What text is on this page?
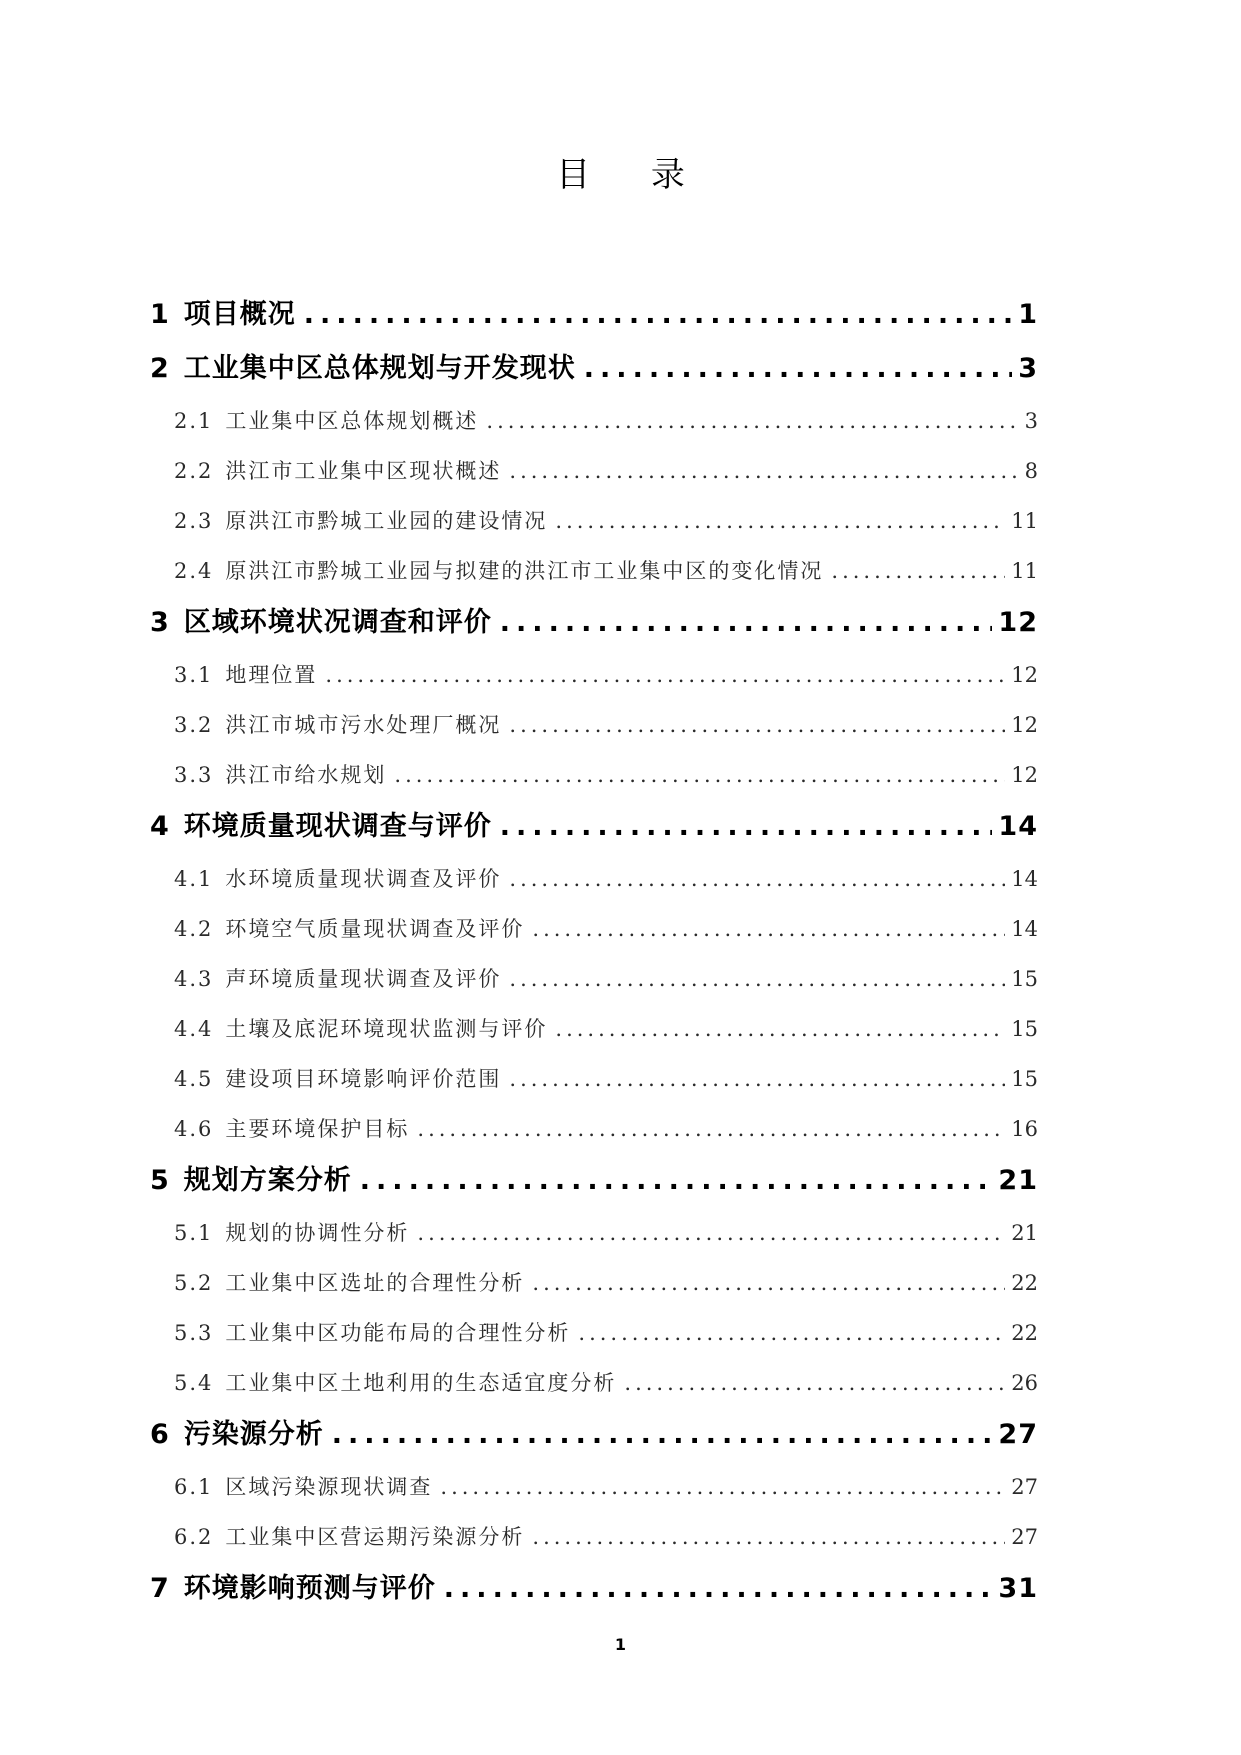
目 录
1 项目概况 .....	1
2 工业集中区总体规划与开发现状 .....	3
2.1 工业集中区总体规划概述 .....	3
2.2 洪江市工业集中区现状概述 .....	8
2.3 原洪江市黔城工业园的建设情况 .....	11
2.4 原洪江市黔城工业园与拟建的洪江市工业集中区的变化情况 .....	11
3 区域环境状况调查和评价 .....	12
3.1 地理位置 .....	12
3.2 洪江市城市污水处理厂概况 .....	12
3.3 洪江市给水规划 .....	12
4 环境质量现状调查与评价 .....	14
4.1 水环境质量现状调查及评价 .....	14
4.2 环境空气质量现状调查及评价 .....	14
4.3 声环境质量现状调查及评价 .....	15
4.4 土壤及底泥环境现状监测与评价 .....	15
4.5 建设项目环境影响评价范围 .....	15
4.6 主要环境保护目标 .....	16
5 规划方案分析 .....	21
5.1 规划的协调性分析 .....	21
5.2 工业集中区选址的合理性分析 .....	22
5.3 工业集中区功能布局的合理性分析 .....	22
5.4 工业集中区土地利用的生态适宜度分析 .....	26
6 污染源分析 .....	27
6.1 区域污染源现状调查 .....	27
6.2 工业集中区营运期污染源分析 .....	27
7 环境影响预测与评价 .....	31
1
